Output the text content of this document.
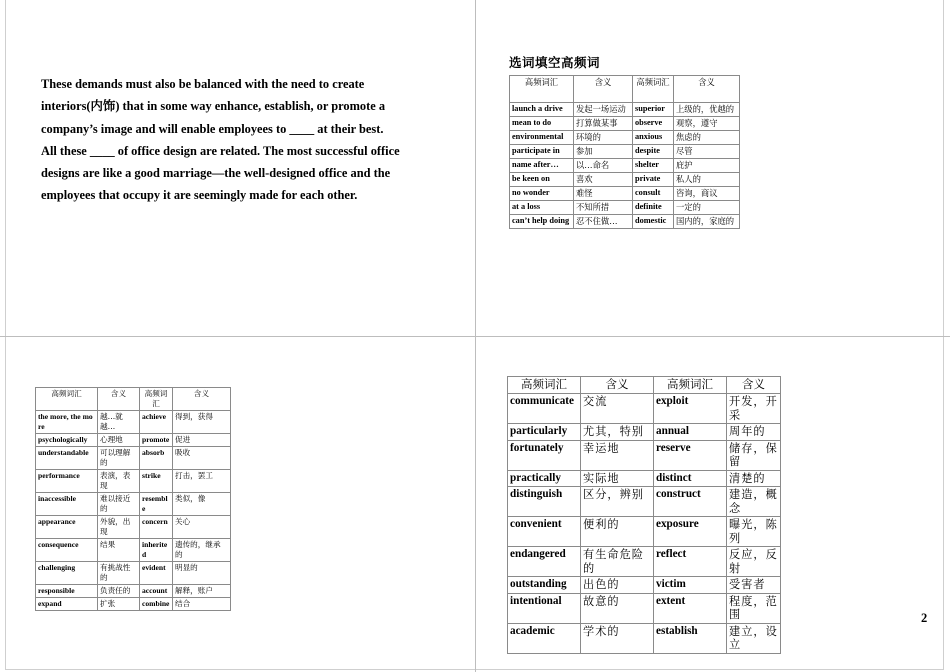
These demands must also be balanced with the need to create
interiors(内饰) that in some way enhance, establish, or promote a
company’s image and will enable employees to ____ at their best.
All these ____ of office design are related. The most successful office
designs are like a good marriage—the well-designed office and the
employees that occupy it are seemingly made for each other.
选词填空高频词
高频词汇	含义	高频词汇	含义
launch a drive	发起一场运动	superior	上级的，优越的
mean to do	打算做某事	observe	观察，遵守
environmental	环境的	anxious	焦虑的
participate in	参加	despite	尽管
name after…	以…命名	shelter	庇护
be keen on	喜欢	private	私人的
no wonder	难怪	consult	咨询，商议
at a loss	不知所措	definite	一定的
can’t help doing	忍不住做…	domestic	国内的，家庭的
高频词汇	含义	高频词汇	含义
the more, the more	越…就越…	achieve	得到，获得
psychologically	心理地	promote	促进
understandable	可以理解的	absorb	吸收
performance	表演，表现	strike	打击，罢工
inaccessible	难以接近的	resemble	类似，像
appearance	外貌，出现	concern	关心
consequence	结果	inherited	遗传的，继承的
challenging	有挑战性的	evident	明显的
responsible	负责任的	account	解释，账户
expand	扩张	combine	结合
高频词汇	含义	高频词汇	含义
communicate	交流	exploit	开发，开采
particularly	尤其，特别	annual	周年的
fortunately	幸运地	reserve	储存，保留
practically	实际地	distinct	清楚的
distinguish	区分，辨别	construct	建造，概念
convenient	便利的	exposure	曝光，陈列
endangered	有生命危险的	reflect	反应，反射
outstanding	出色的	victim	受害者
intentional	故意的	extent	程度，范围
academic	学术的	establish	建立，设立
2
